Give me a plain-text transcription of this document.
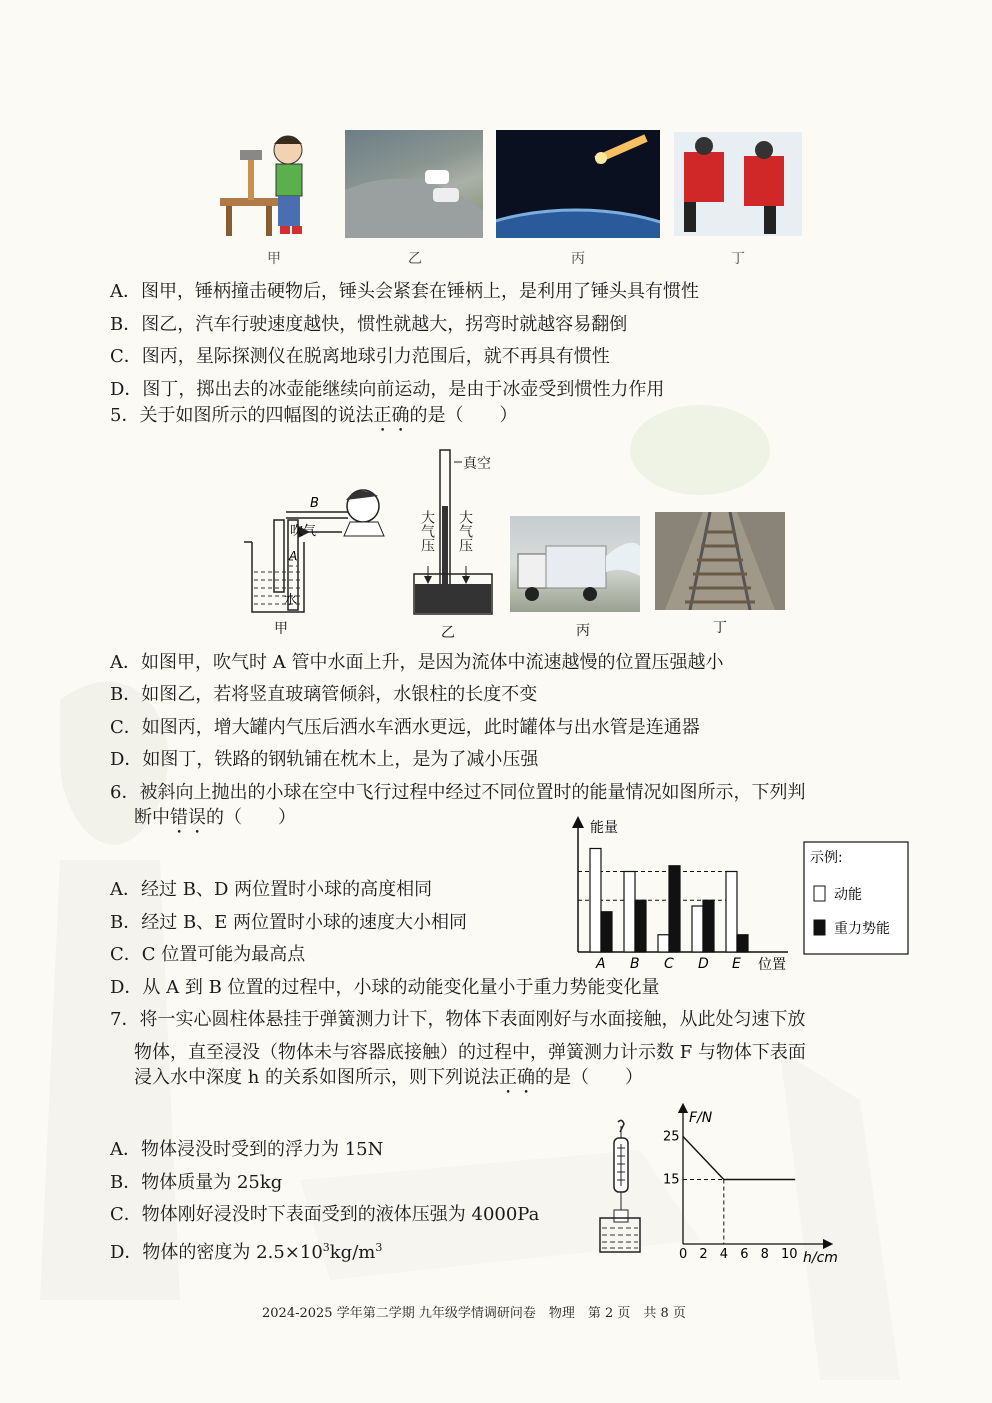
甲	乙	丙	丁
A．图甲，锤柄撞击硬物后，锤头会紧套在锤柄上，是利用了锤头具有惯性
B．图乙，汽车行驶速度越快，惯性就越大，拐弯时就越容易翻倒
C．图丙，星际探测仪在脱离地球引力范围后，就不再具有惯性
D．图丁，掷出去的冰壶能继续向前运动，是由于冰壶受到惯性力作用
5．关于如图所示的四幅图的说法正确的是（　　）
B
吹气
A
水
真空
大气压 大气压
甲	乙	丙	丁
A．如图甲，吹气时 A 管中水面上升，是因为流体中流速越慢的位置压强越小
B．如图乙，若将竖直玻璃管倾斜，水银柱的长度不变
C．如图丙，增大罐内气压后洒水车洒水更远，此时罐体与出水管是连通器
D．如图丁，铁路的钢轨铺在枕木上，是为了减小压强
6．被斜向上抛出的小球在空中飞行过程中经过不同位置时的能量情况如图所示，下列判
断中错误的（　　）	能量
位置
A B C D E
示例:
动能
重力势能
A．经过 B、D 两位置时小球的高度相同
B．经过 B、E 两位置时小球的速度大小相同
C．C 位置可能为最高点
D．从 A 到 B 位置的过程中，小球的动能变化量小于重力势能变化量
7．将一实心圆柱体悬挂于弹簧测力计下，物体下表面刚好与水面接触，从此处匀速下放
物体，直至浸没（物体未与容器底接触）的过程中，弹簧测力计示数 F 与物体下表面
浸入水中深度 h 的关系如图所示，则下列说法正确的是（　　）
F/N
h/cm
0 2 4 6 8 10
25
15
A．物体浸没时受到的浮力为 15N
B．物体质量为 25kg
C．物体刚好浸没时下表面受到的液体压强为 4000Pa
D．物体的密度为 $2.5\times 10^3kg/m^3$
2024-2025 学年第二学期 九年级学情调研问卷　物理　第 2 页　共 8 页
